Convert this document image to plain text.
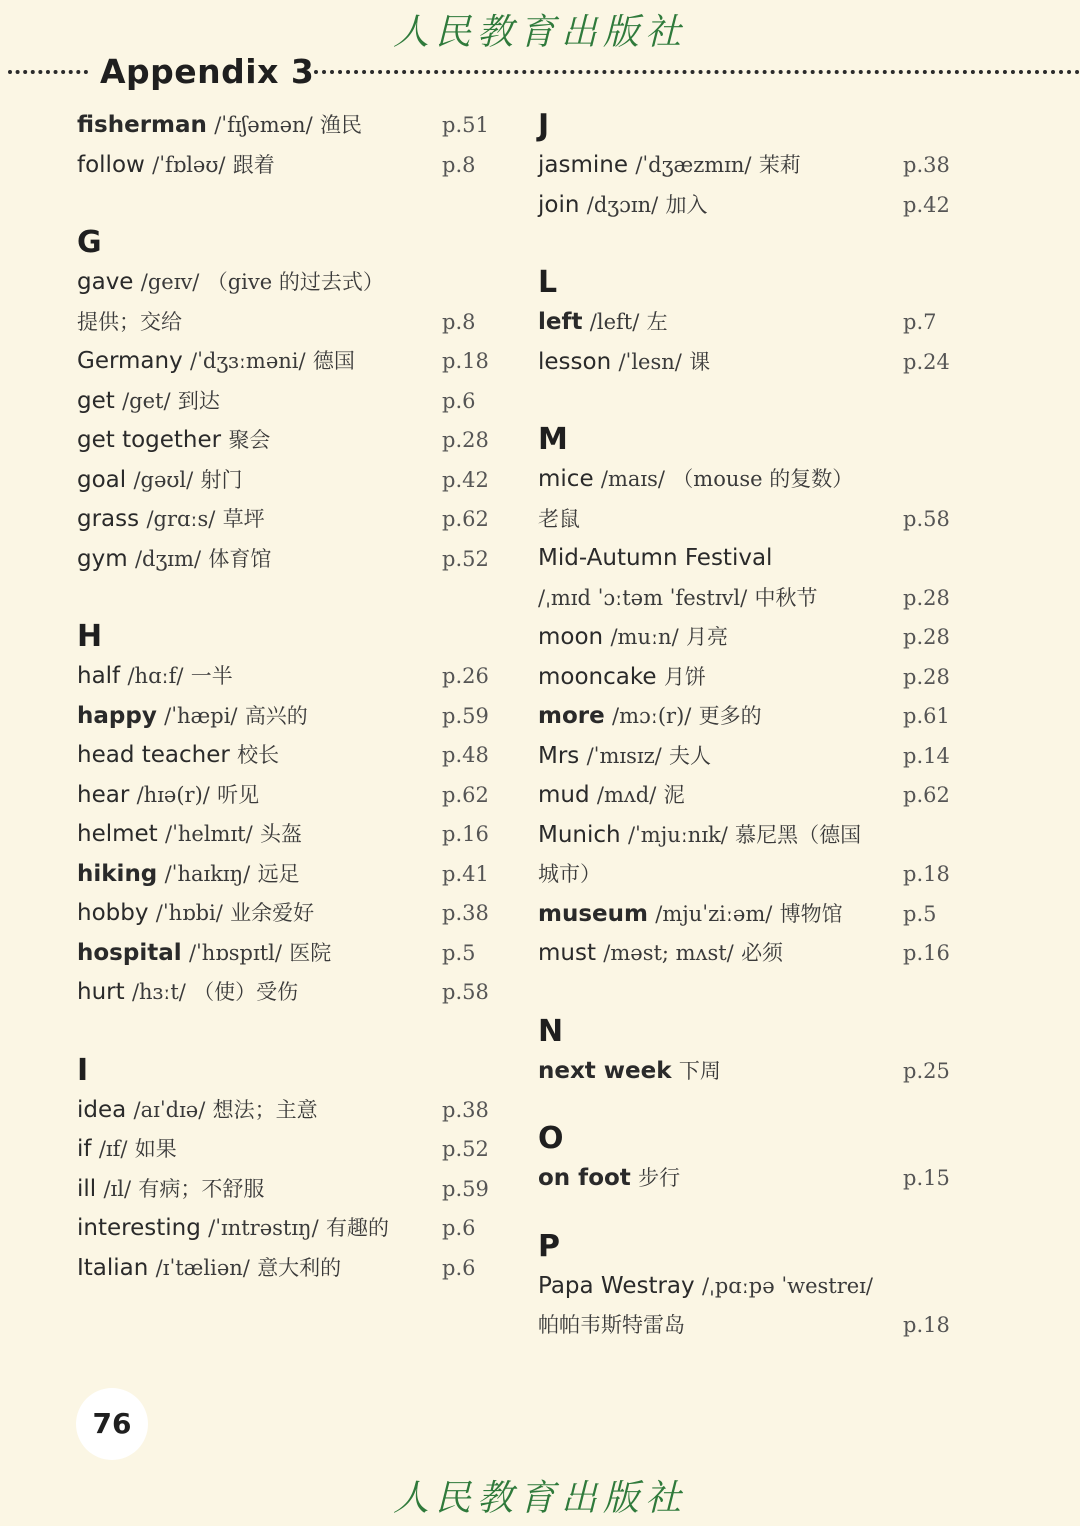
人民教育出版社
Appendix 3
fisherman /ˈfɪʃəmən/ 渔民	p.51
follow /ˈfɒləʊ/ 跟着	p.8
G
gave /geɪv/ （give 的过去式）
提供；交给	p.8
Germany /ˈdʒɜːməni/ 德国	p.18
get /get/ 到达	p.6
get together 聚会	p.28
goal /gəʊl/ 射门	p.42
grass /grɑːs/ 草坪	p.62
gym /dʒɪm/ 体育馆	p.52
H
half /hɑːf/ 一半	p.26
happy /ˈhæpi/ 高兴的	p.59
head teacher 校长	p.48
hear /hɪə(r)/ 听见	p.62
helmet /ˈhelmɪt/ 头盔	p.16
hiking /ˈhaɪkɪŋ/ 远足	p.41
hobby /ˈhɒbi/ 业余爱好	p.38
hospital /ˈhɒspɪtl/ 医院	p.5
hurt /hɜːt/ （使）受伤	p.58
I
idea /aɪˈdɪə/ 想法；主意	p.38
if /ɪf/ 如果	p.52
ill /ɪl/ 有病；不舒服	p.59
interesting /ˈɪntrəstɪŋ/ 有趣的	p.6
Italian /ɪˈtæliən/ 意大利的	p.6
J
jasmine /ˈdʒæzmɪn/ 茉莉	p.38
join /dʒɔɪn/ 加入	p.42
L
left /left/ 左	p.7
lesson /ˈlesn/ 课	p.24
M
mice /maɪs/ （mouse 的复数）
老鼠	p.58
Mid-Autumn Festival
/ˌmɪd ˈɔːtəm ˈfestɪvl/ 中秋节	p.28
moon /muːn/ 月亮	p.28
mooncake 月饼	p.28
more /mɔː(r)/ 更多的	p.61
Mrs /ˈmɪsɪz/ 夫人	p.14
mud /mʌd/ 泥	p.62
Munich /ˈmjuːnɪk/ 慕尼黑（德国
城市）	p.18
museum /mjuˈziːəm/ 博物馆	p.5
must /məst; mʌst/ 必须	p.16
N
next week 下周	p.25
O
on foot 步行	p.15
P
Papa Westray /ˌpɑːpə ˈwestreɪ/
帕帕韦斯特雷岛	p.18
76
人民教育出版社
